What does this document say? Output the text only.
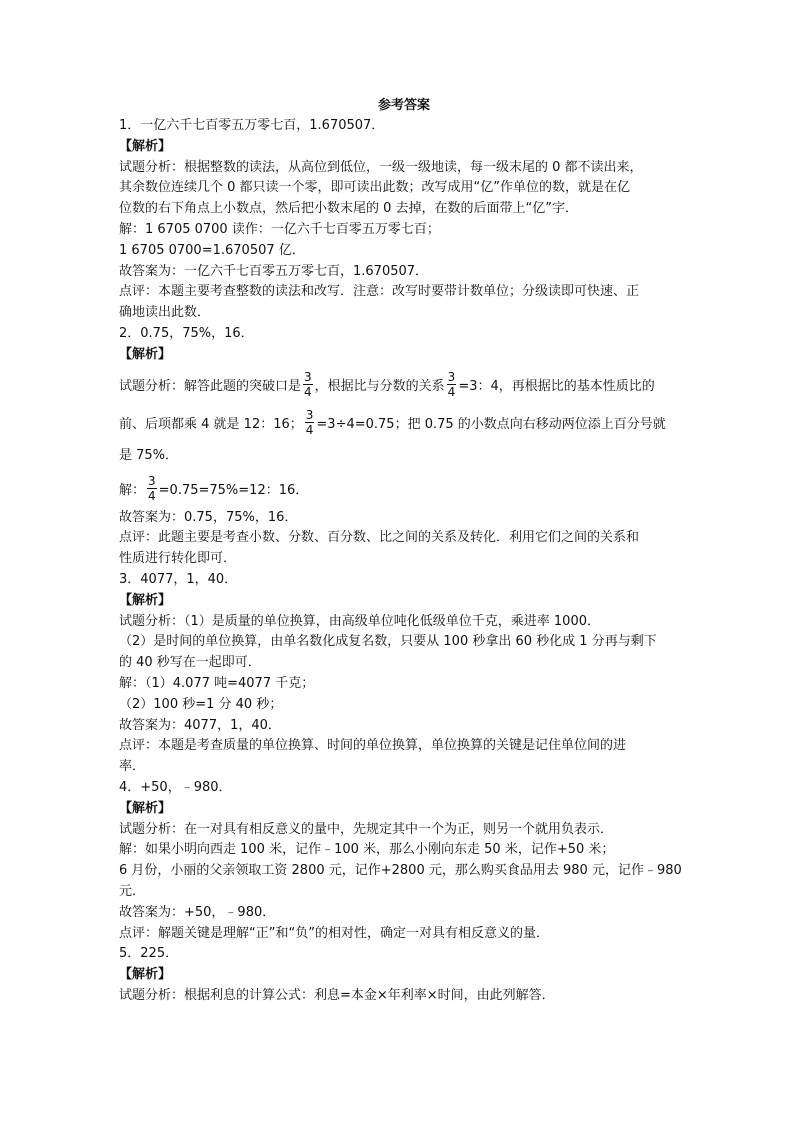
参考答案
1．一亿六千七百零五万零七百，1.670507．
【解析】
试题分析：根据整数的读法，从高位到低位，一级一级地读，每一级末尾的 0 都不读出来，
其余数位连续几个 0 都只读一个零，即可读出此数；改写成用“亿”作单位的数，就是在亿
位数的右下角点上小数点，然后把小数末尾的 0 去掉，在数的后面带上“亿”字．
解：1 6705 0700 读作：一亿六千七百零五万零七百；
1 6705 0700=1.670507 亿．
故答案为：一亿六千七百零五万零七百，1.670507．
点评：本题主要考查整数的读法和改写．注意：改写时要带计数单位；分级读即可快速、正
确地读出此数．
2．0.75，75%，16．
【解析】
试题分析：解答此题的突破口是 $\frac{3}{4}$ ，根据比与分数的关系 $\frac{3}{4} =3$：4，再根据比的基本性质比的
前、后项都乘 4 就是 12：16； $\frac{3}{4} =3\div 4=0.75$；把 0.75 的小数点向右移动两位添上百分号就
是 75%．
解： $\frac{3}{4} =0.75=75\%=12$：16．
故答案为：0.75，75%，16．
点评：此题主要是考查小数、分数、百分数、比之间的关系及转化．利用它们之间的关系和
性质进行转化即可．
3．4077，1，40．
【解析】
试题分析：（1）是质量的单位换算，由高级单位吨化低级单位千克，乘进率 1000．
（2）是时间的单位换算，由单名数化成复名数，只要从 100 秒拿出 60 秒化成 1 分再与剩下
的 40 秒写在一起即可．
解：（1）4.077 吨=4077 千克；
（2）100 秒=1 分 40 秒；
故答案为：4077，1，40．
点评：本题是考查质量的单位换算、时间的单位换算，单位换算的关键是记住单位间的进
率．
4．+50，﹣980．
【解析】
试题分析：在一对具有相反意义的量中，先规定其中一个为正，则另一个就用负表示．
解：如果小明向西走 100 米，记作﹣100 米，那么小刚向东走 50 米，记作+50 米；
6 月份，小丽的父亲领取工资 2800 元，记作+2800 元，那么购买食品用去 980 元，记作﹣980
元．
故答案为：+50，﹣980．
点评：解题关键是理解“正”和“负”的相对性，确定一对具有相反意义的量．
5．225．
【解析】
试题分析：根据利息的计算公式：利息=本金×年利率×时间，由此列解答．
